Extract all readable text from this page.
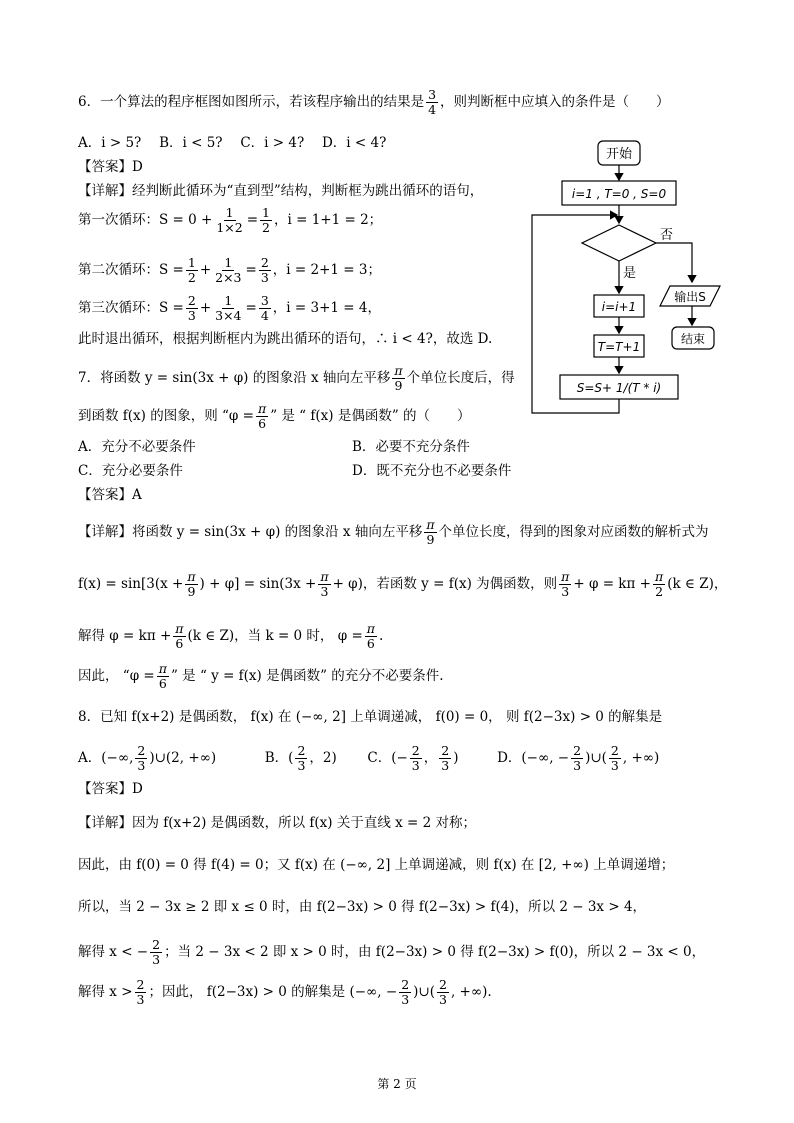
6．一个算法的程序框图如图所示，若该程序输出的结果是 $\frac{3}{4}$ ，则判断框中应填入的条件是（　　）
A．i > 5?　 B．i < 5?　 C．i > 4?　 D．i < 4?
【答案】D
【详解】经判断此循环为“直到型”结构，判断框为跳出循环的语句，
第一次循环：$S = 0 + \frac{1}{1\times 2} = \frac{1}{2}$ ，i = 1+1 = 2；
第二次循环：$S = \frac{1}{2} + \frac{1}{2\times 3} = \frac{2}{3}$ ，i = 2+1 = 3；
第三次循环：$S = \frac{2}{3} + \frac{1}{3\times 4} = \frac{3}{4}$ ，i = 3+1 = 4，
此时退出循环，根据判断框内为跳出循环的语句，∴ i < 4?，故选 D.
开始
i=1 , T=0 , S=0
否
是
i=i+1
T=T+1
S=S+ 1/(T * i)
输出S
结束
7．将函数 y = sin(3x + φ) 的图象沿 x 轴向左平移 $\frac{\pi}{9}$ 个单位长度后，得
到函数 f(x) 的图象，则 “$\varphi = \frac{\pi}{6}$ ” 是 “ f(x) 是偶函数” 的（　　）
A．充分不必要条件	B．必要不充分条件
C．充分必要条件	D．既不充分也不必要条件
【答案】A
【详解】将函数 y = sin(3x + φ) 的图象沿 x 轴向左平移 $\frac{\pi}{9}$ 个单位长度，得到的图象对应函数的解析式为
$f(x) = \sin[3(x + \frac{\pi}{9}$ ) + $\varphi] = \sin(3x + \frac{\pi}{3} + \varphi)$，若函数 y = f(x) 为偶函数，则 $\frac{\pi}{3} + \varphi = k\pi + \frac{\pi}{2} (k$ ∈ Z)，
解得 $\varphi = k\pi + \frac{\pi}{6} (k$ ∈ Z)，当 k = 0 时， $\varphi = \frac{\pi}{6}$ .
因此， “$\varphi = \frac{\pi}{6}$ ” 是 “ y = f(x) 是偶函数” 的充分不必要条件.
8．已知 f(x+2) 是偶函数， f(x) 在 (−∞, 2] 上单调递减， f(0) = 0， 则 f(2−3x) > 0 的解集是
A．(−∞, $\frac{2}{3}$ )∪(2, +∞)	B．( $\frac{2}{3}$ ，2) C．(− $\frac{2}{3}$ ， $\frac{2}{3}$ )	D．(−∞, − $\frac{2}{3}$ )∪( $\frac{2}{3}$ , +∞)
【答案】D
【详解】因为 f(x+2) 是偶函数，所以 f(x) 关于直线 x = 2 对称；
因此，由 f(0) = 0 得 f(4) = 0；又 f(x) 在 (−∞, 2] 上单调递减，则 f(x) 在 [2, +∞) 上单调递增；
所以，当 2 − 3x ≥ 2 即 x ≤ 0 时，由 f(2−3x) > 0 得 f(2−3x) > f(4)，所以 2 − 3x > 4，
解得 x < − $\frac{2}{3}$ ；当 2 − 3x < 2 即 x > 0 时，由 f(2−3x) > 0 得 f(2−3x) > f(0)，所以 2 − 3x < 0，
解得 $x > \frac{2}{3}$ ；因此， f(2−3x) > 0 的解集是 (−∞, − $\frac{2}{3}$ )∪( $\frac{2}{3}$ , +∞).
第 2 页
